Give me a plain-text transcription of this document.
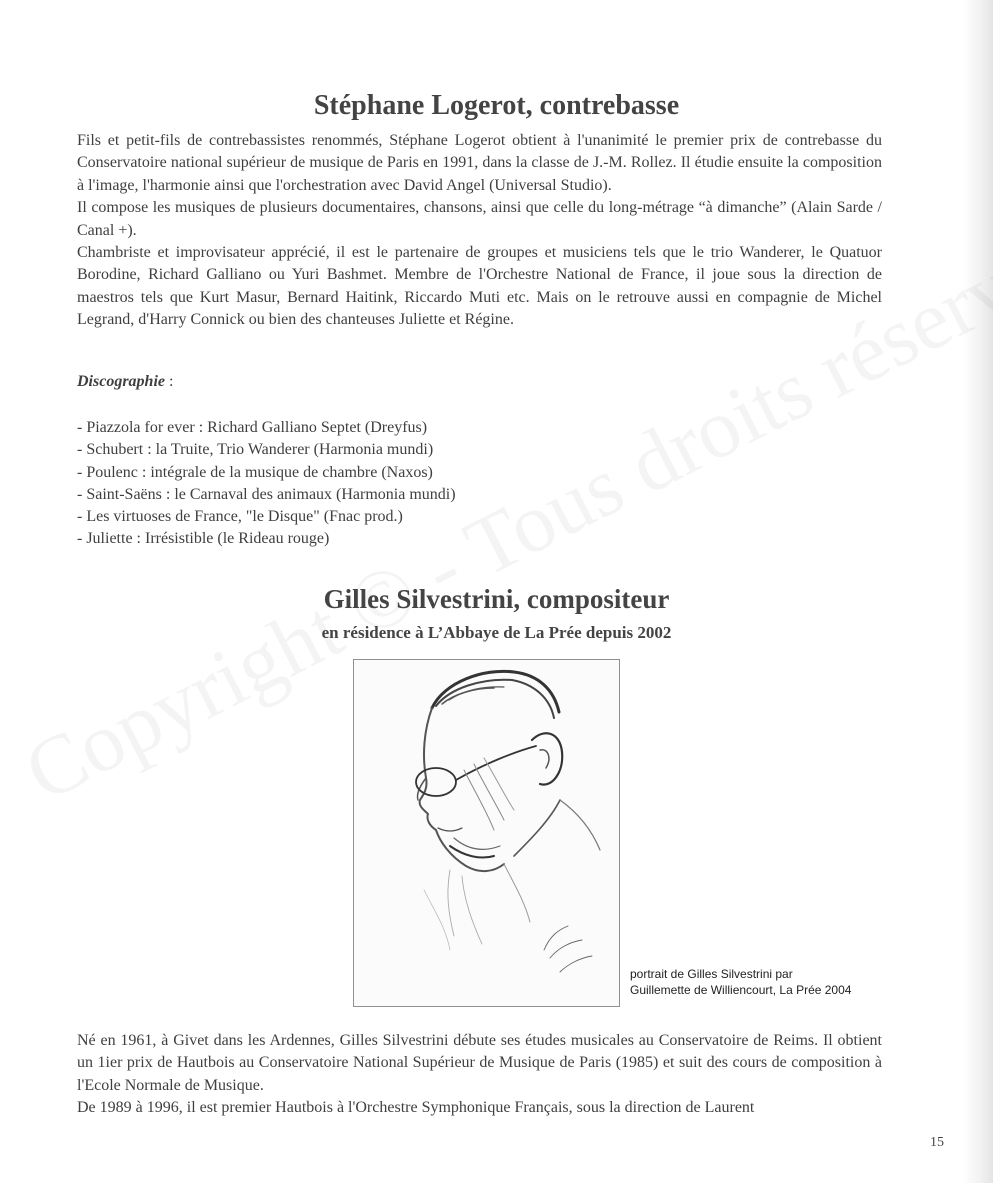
Stéphane Logerot, contrebasse

Fils et petit-fils de contrebassistes renommés, Stéphane Logerot obtient à l'unanimité le premier prix de contrebasse du Conservatoire national supérieur de musique de Paris en 1991, dans la classe de J.-M. Rollez. Il étudie ensuite la composition à l'image, l'harmonie ainsi que l'orchestration avec David Angel (Universal Studio).

Il compose les musiques de plusieurs documentaires, chansons, ainsi que celle du long-métrage “à dimanche” (Alain Sarde / Canal +).

Chambriste et improvisateur apprécié, il est le partenaire de groupes et musiciens tels que le trio Wanderer, le Quatuor Borodine, Richard Galliano ou Yuri Bashmet. Membre de l'Orchestre National de France, il joue sous la direction de maestros tels que Kurt Masur, Bernard Haitink, Riccardo Muti etc. Mais on le retrouve aussi en compagnie de Michel Legrand, d'Harry Connick ou bien des chanteuses Juliette et Régine.

Discographie :

- Piazzola for ever : Richard Galliano Septet (Dreyfus)
- Schubert : la Truite, Trio Wanderer (Harmonia mundi)
- Poulenc : intégrale de la musique de chambre (Naxos)
- Saint-Saëns : le Carnaval des animaux (Harmonia mundi)
- Les virtuoses de France, "le Disque" (Fnac prod.)
- Juliette : Irrésistible (le Rideau rouge)
Gilles Silvestrini, compositeur
en résidence à L’Abbaye de La Prée depuis 2002

portrait de Gilles Silvestrini par
Guillemette de Williencourt, La Prée 2004

Né en 1961, à Givet dans les Ardennes, Gilles Silvestrini débute ses études musicales au Conservatoire de Reims. Il obtient un 1ier prix de Hautbois au Conservatoire National Supérieur de Musique de Paris (1985) et suit des cours de composition à l'Ecole Normale de Musique.

De 1989 à 1996, il est premier Hautbois à l'Orchestre Symphonique Français, sous la direction de Laurent

15
